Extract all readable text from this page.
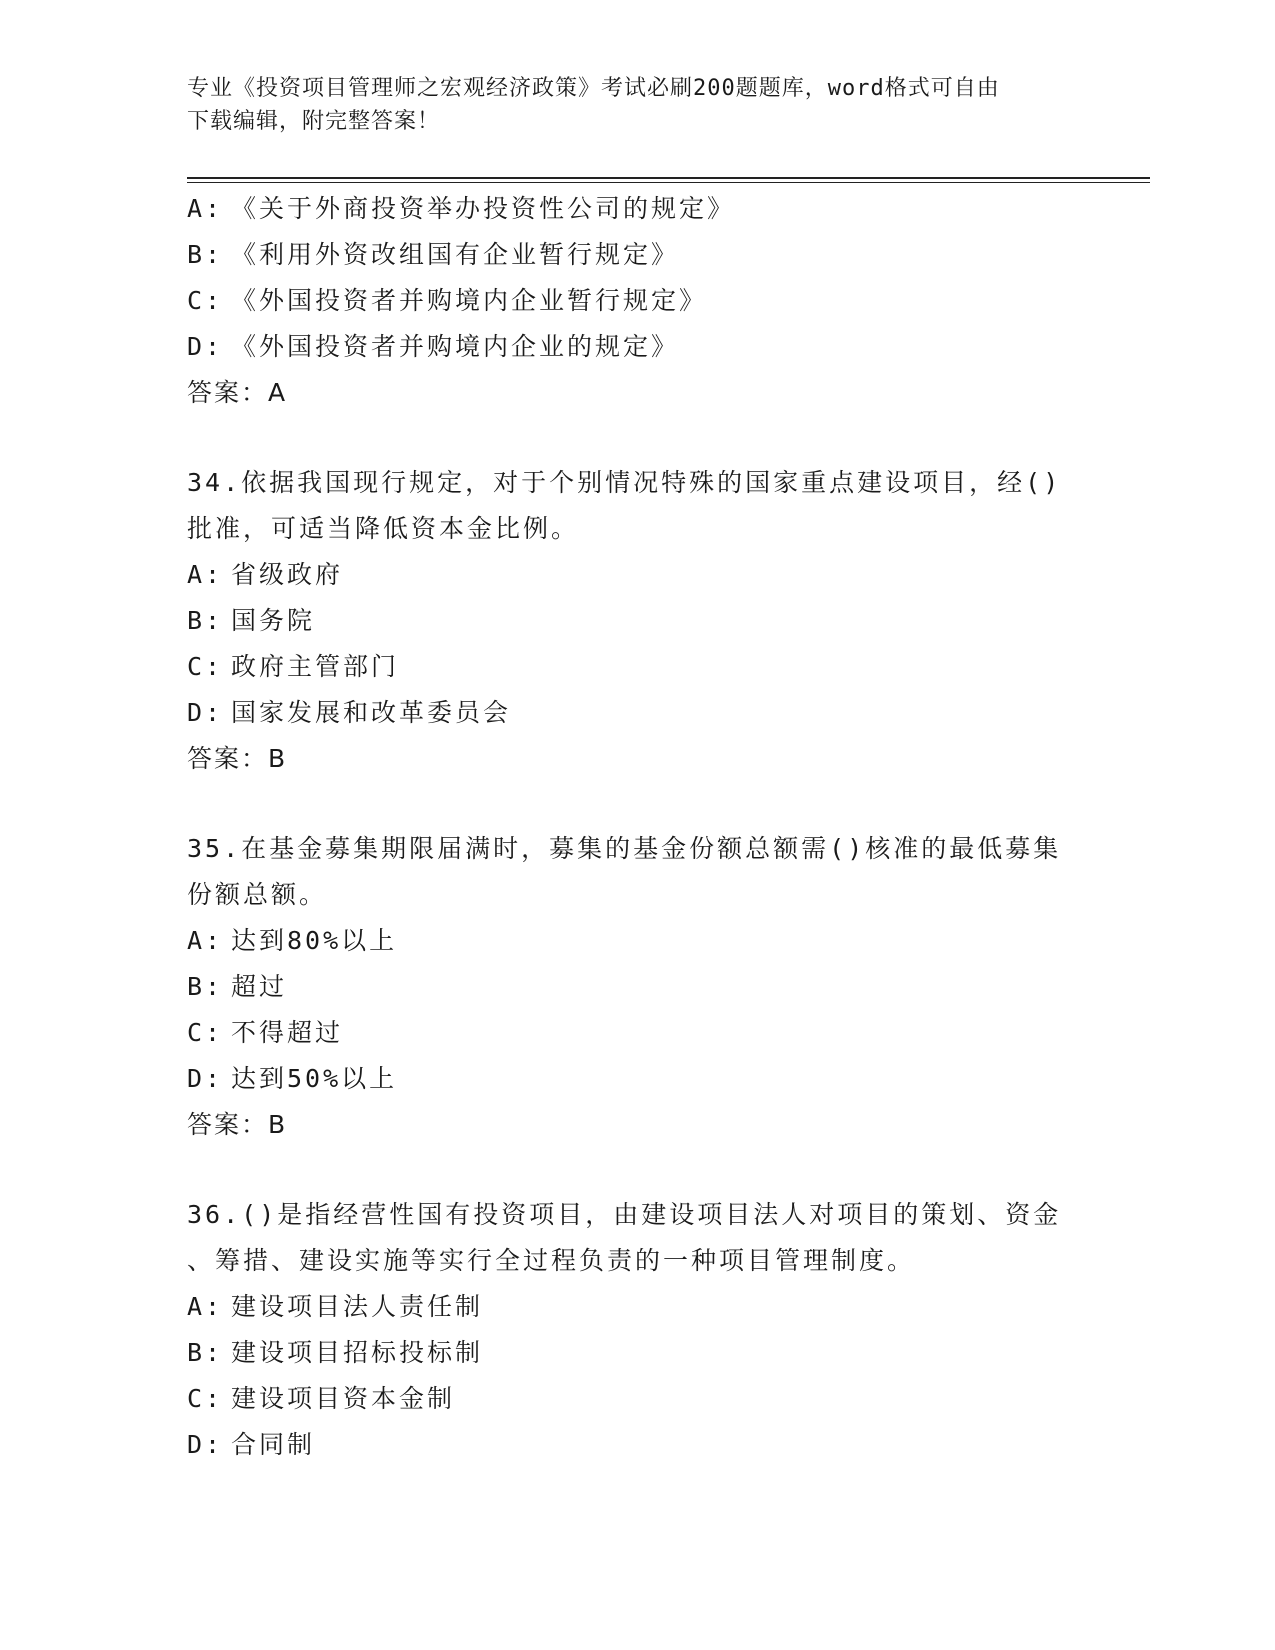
专业《投资项目管理师之宏观经济政策》考试必刷200题题库，word格式可自由
下载编辑，附完整答案！
A: 《关于外商投资举办投资性公司的规定》
B: 《利用外资改组国有企业暂行规定》
C: 《外国投资者并购境内企业暂行规定》
D: 《外国投资者并购境内企业的规定》
答案：A
34.依据我国现行规定，对于个别情况特殊的国家重点建设项目，经()
批准，可适当降低资本金比例。
A: 省级政府
B: 国务院
C: 政府主管部门
D: 国家发展和改革委员会
答案：B
35.在基金募集期限届满时，募集的基金份额总额需()核准的最低募集
份额总额。
A: 达到80%以上
B: 超过
C: 不得超过
D: 达到50%以上
答案：B
36.()是指经营性国有投资项目，由建设项目法人对项目的策划、资金
、筹措、建设实施等实行全过程负责的一种项目管理制度。
A: 建设项目法人责任制
B: 建设项目招标投标制
C: 建设项目资本金制
D: 合同制
